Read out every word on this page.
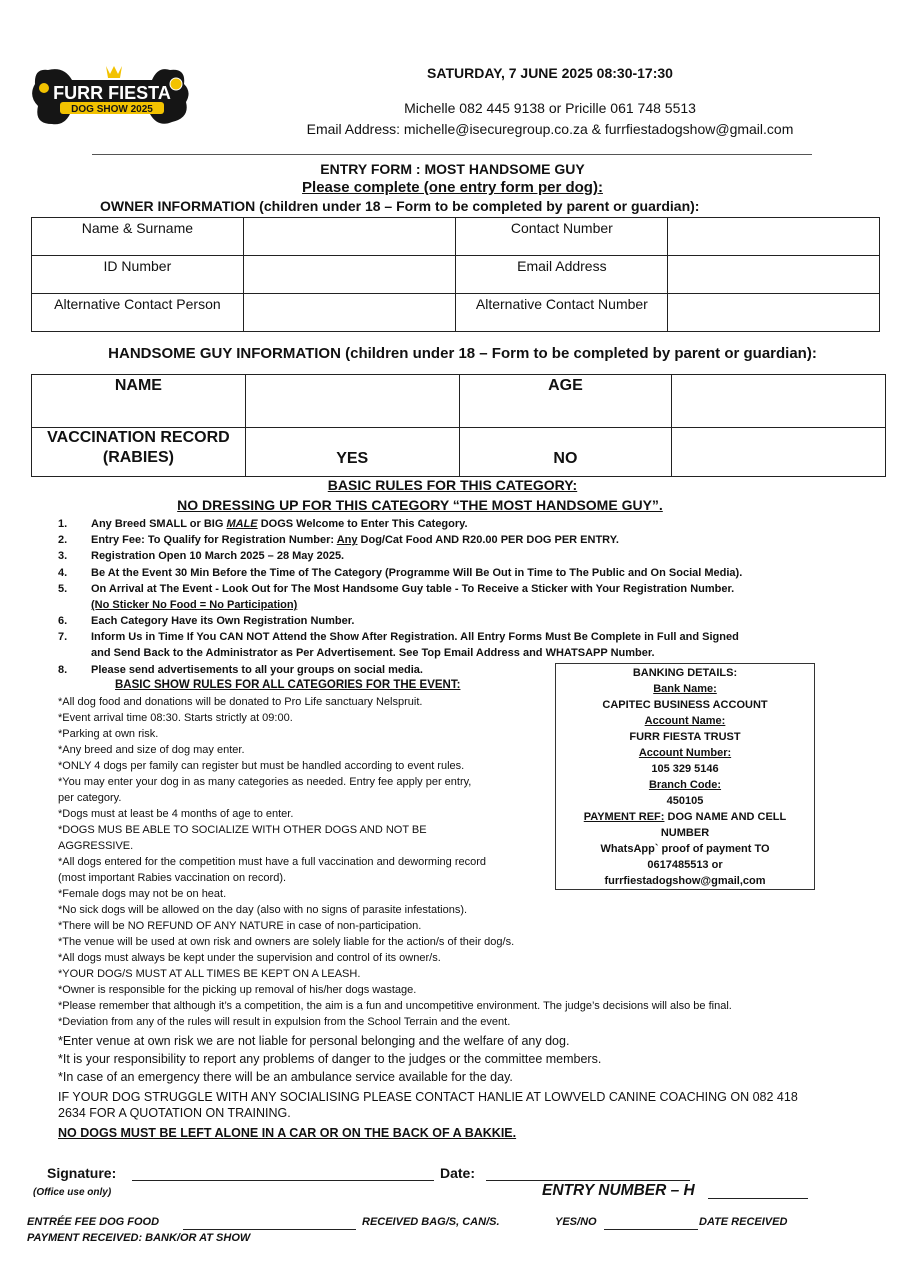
FURR FIESTA
DOG SHOW 2025
SATURDAY, 7 JUNE 2025 08:30-17:30
Michelle 082 445 9138 or Pricille 061 748 5513
Email Address: michelle@isecuregroup.co.za & furrfiestadogshow@gmail.com
ENTRY FORM : MOST HANDSOME GUY
Please complete (one entry form per dog):
OWNER INFORMATION (children under 18 – Form to be completed by parent or guardian):
Name & Surname		Contact Number	
ID Number		Email Address	
Alternative Contact Person		Alternative Contact Number	
HANDSOME GUY INFORMATION (children under 18 – Form to be completed by parent or guardian):
NAME		AGE	
VACCINATION RECORD
(RABIES)	YES	NO	
BASIC RULES FOR THIS CATEGORY:
NO DRESSING UP FOR THIS CATEGORY “THE MOST HANDSOME GUY”.
1. Any Breed SMALL or BIG MALE DOGS Welcome to Enter This Category.
2. Entry Fee: To Qualify for Registration Number: Any Dog/Cat Food AND R20.00 PER DOG PER ENTRY.
3. Registration Open 10 March 2025 – 28 May 2025.
4. Be At the Event 30 Min Before the Time of The Category (Programme Will Be Out in Time to The Public and On Social Media).
5. On Arrival at The Event - Look Out for The Most Handsome Guy table - To Receive a Sticker with Your Registration Number.
(No Sticker No Food = No Participation)
6. Each Category Have its Own Registration Number.
7. Inform Us in Time If You CAN NOT Attend the Show After Registration. All Entry Forms Must Be Complete in Full and Signed
and Send Back to the Administrator as Per Advertisement. See Top Email Address and WHATSAPP Number.
8. Please send advertisements to all your groups on social media.
BASIC SHOW RULES FOR ALL CATEGORIES FOR THE EVENT:
*All dog food and donations will be donated to Pro Life sanctuary Nelspruit.
*Event arrival time 08:30. Starts strictly at 09:00.
*Parking at own risk.
*Any breed and size of dog may enter.
*ONLY 4 dogs per family can register but must be handled according to event rules.
*You may enter your dog in as many categories as needed. Entry fee apply per entry,
per category.
*Dogs must at least be 4 months of age to enter.
*DOGS MUS BE ABLE TO SOCIALIZE WITH OTHER DOGS AND NOT BE
AGGRESSIVE.
*All dogs entered for the competition must have a full vaccination and deworming record
(most important Rabies vaccination on record).
*Female dogs may not be on heat.
*No sick dogs will be allowed on the day (also with no signs of parasite infestations).
*There will be NO REFUND OF ANY NATURE in case of non-participation.
*The venue will be used at own risk and owners are solely liable for the action/s of their dog/s.
*All dogs must always be kept under the supervision and control of its owner/s.
*YOUR DOG/S MUST AT ALL TIMES BE KEPT ON A LEASH.
*Owner is responsible for the picking up removal of his/her dogs wastage.
*Please remember that although it’s a competition, the aim is a fun and uncompetitive environment. The judge’s decisions will also be final.
*Deviation from any of the rules will result in expulsion from the School Terrain and the event.
*Enter venue at own risk we are not liable for personal belonging and the welfare of any dog.
*It is your responsibility to report any problems of danger to the judges or the committee members.
*In case of an emergency there will be an ambulance service available for the day.
BANKING DETAILS:
Bank Name:
CAPITEC BUSINESS ACCOUNT
Account Name:
FURR FIESTA TRUST
Account Number:
105 329 5146
Branch Code:
450105
PAYMENT REF: DOG NAME AND CELL
NUMBER
WhatsApp` proof of payment TO
0617485513 or
furrfiestadogshow@gmail,com
IF YOUR DOG STRUGGLE WITH ANY SOCIALISING PLEASE CONTACT HANLIE AT LOWVELD CANINE COACHING ON 082 418 2634 FOR A QUOTATION ON TRAINING.
NO DOGS MUST BE LEFT ALONE IN A CAR OR ON THE BACK OF A BAKKIE.
Signature:	Date:
(Office use only)	ENTRY NUMBER – H
ENTRÉE FEE DOG FOOD	RECEIVED BAG/S, CAN/S.	YES/NO	DATE RECEIVED
PAYMENT RECEIVED: BANK/OR AT SHOW
